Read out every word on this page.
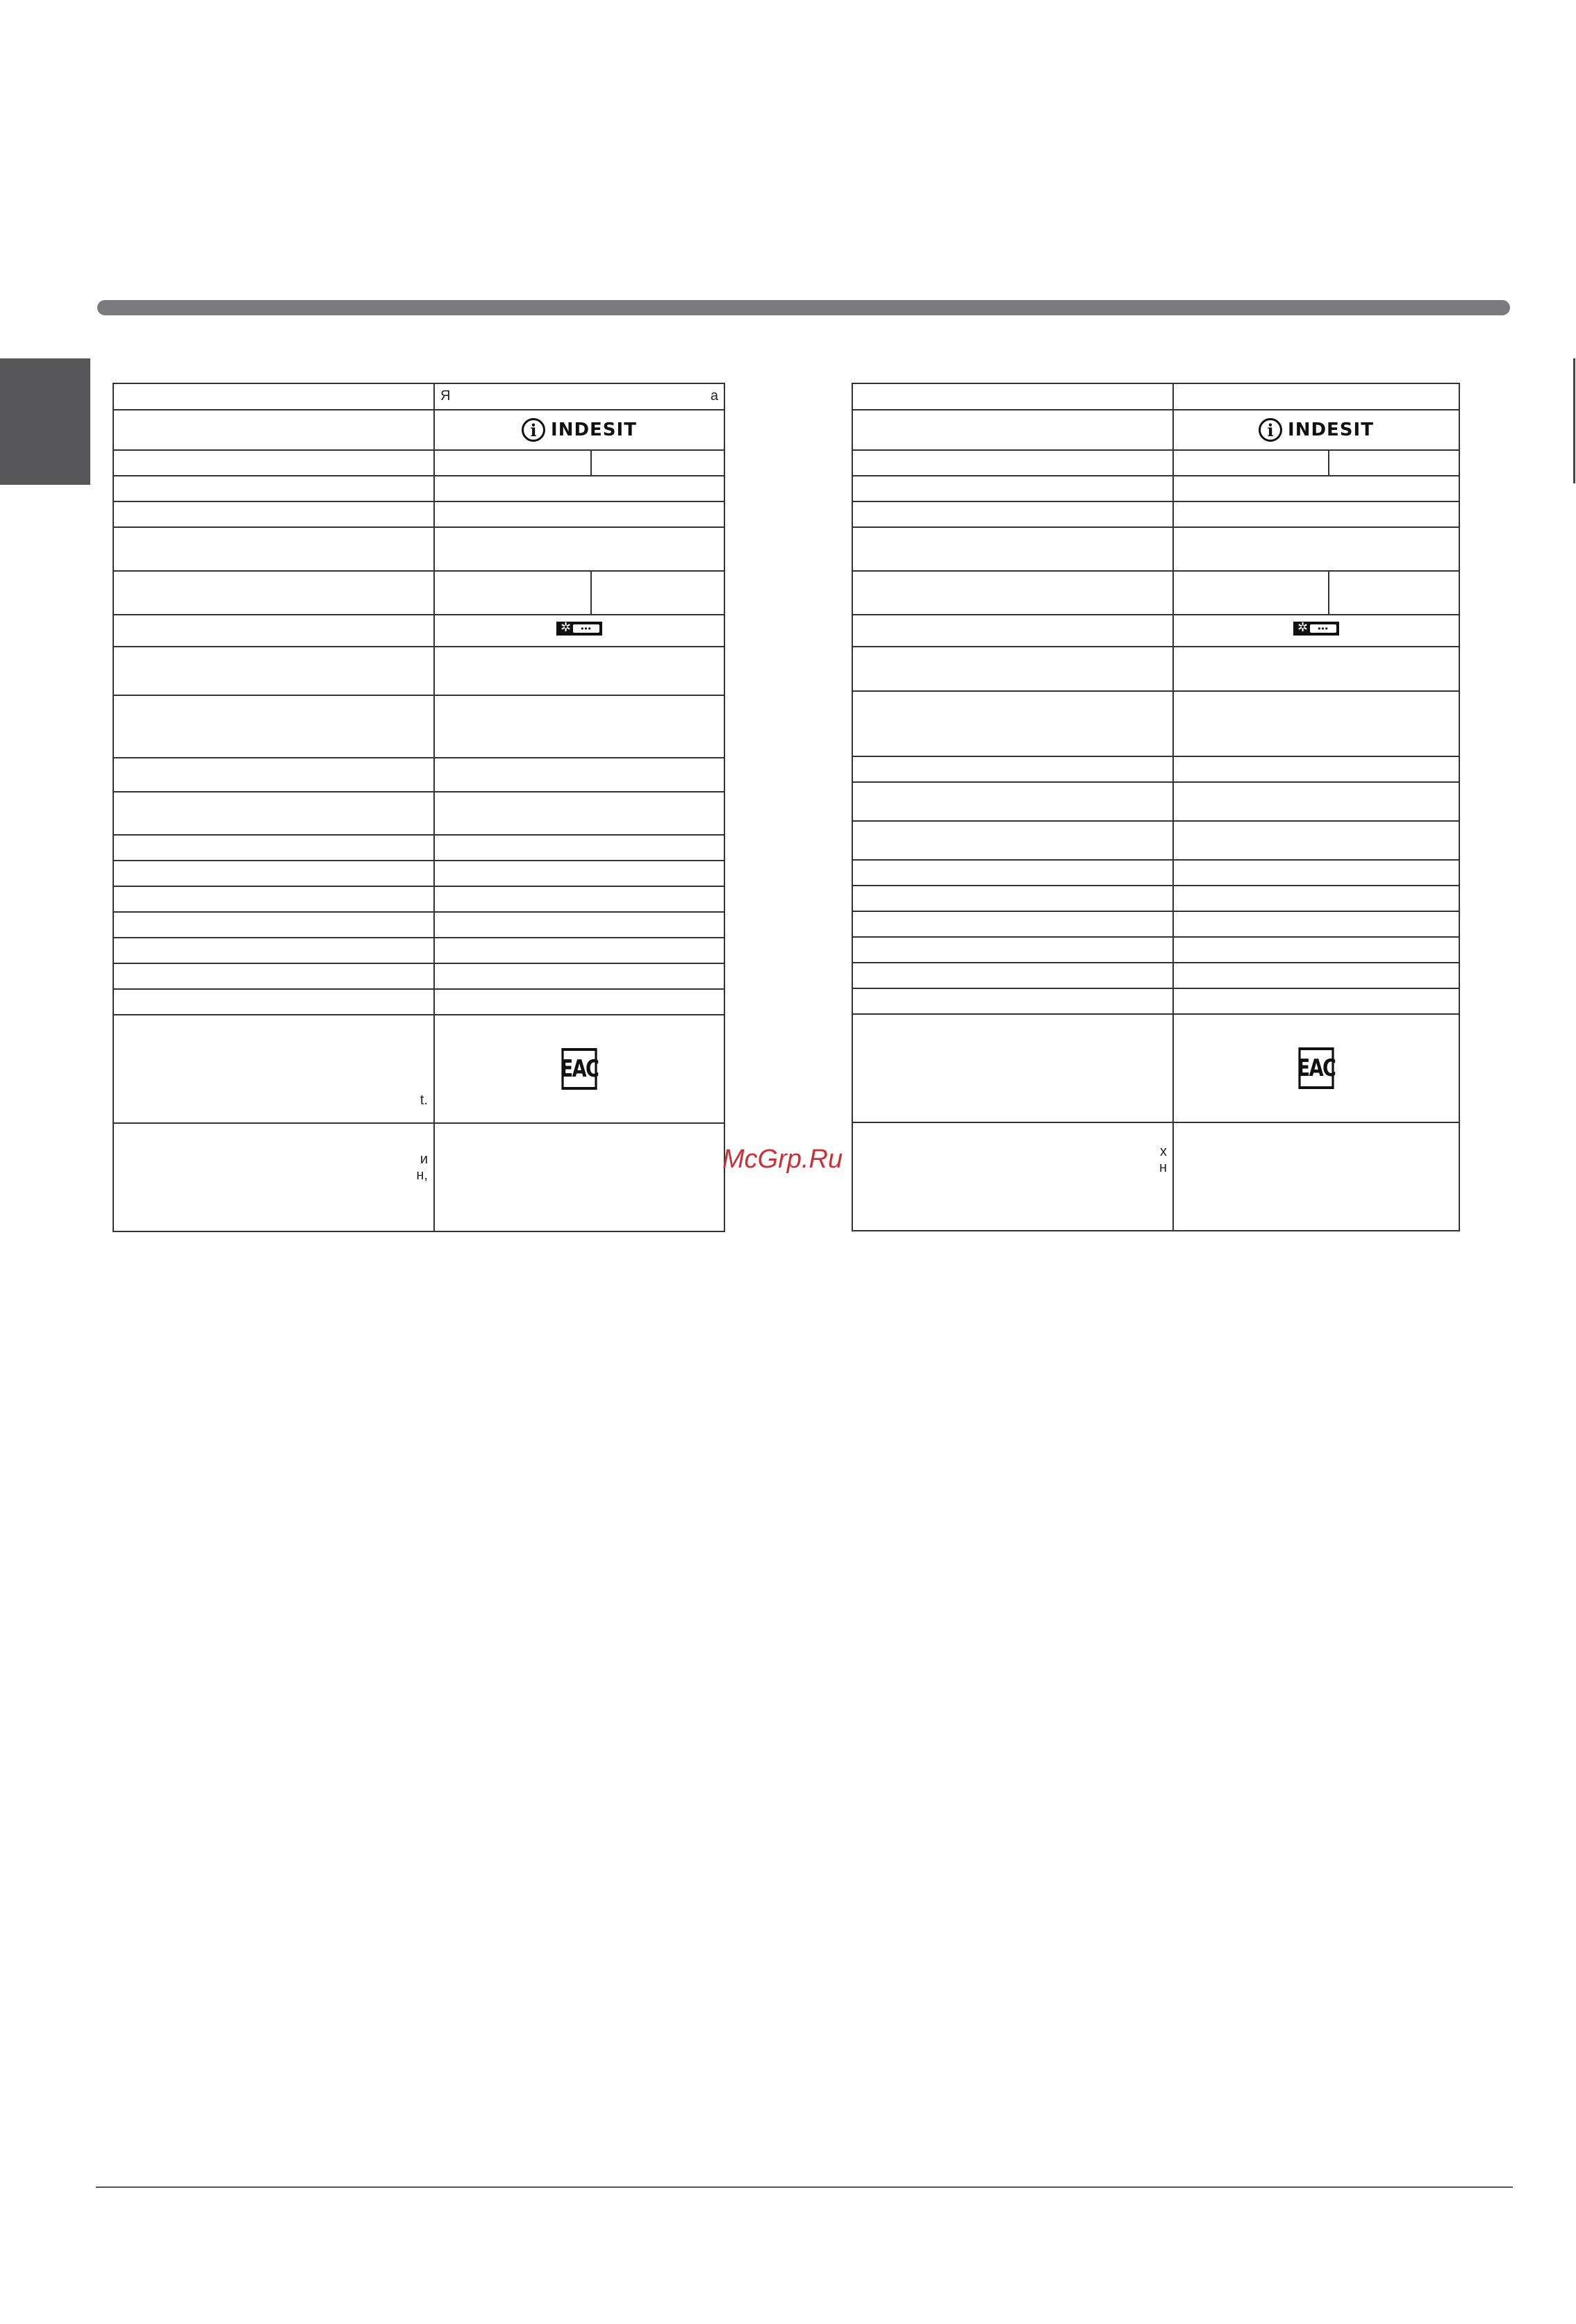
	Я а	

i INDESIT	

	✲ •••	

t.	EAC	
и
н,		

i INDESIT	

	✲ •••	

	EAC	
х
н		
McGrp.Ru
